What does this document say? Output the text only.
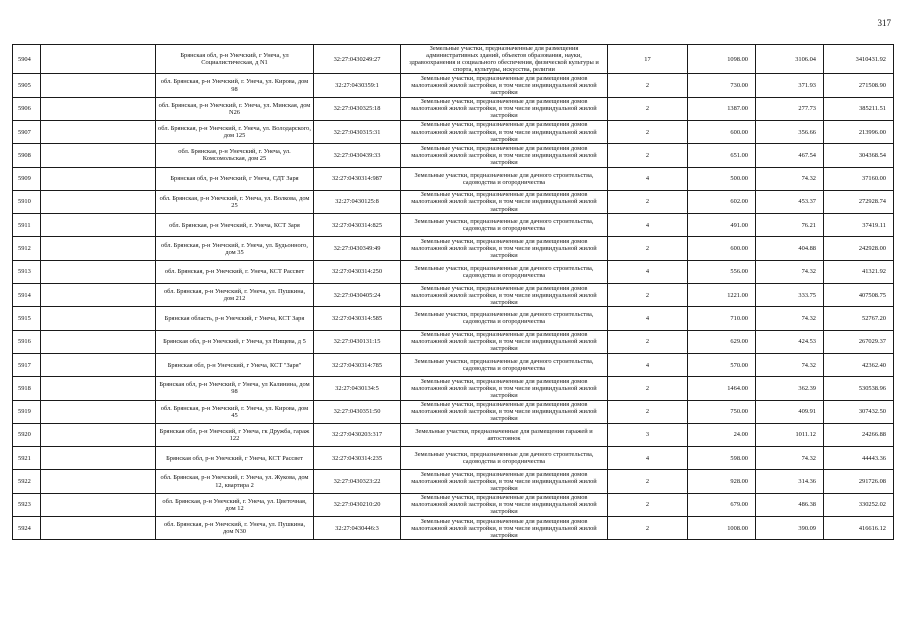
317
5904		Брянская обл, р-н Унечский, г Унеча, ул Социалистическая, д N1	32:27:0430249:27	Земельные участки, предназначенные для размещения административных зданий, объектов образования, науки, здравоохранения и социального обеспечения, физической культуры и спорта, культуры, искусства, религии	17	1098.00	3106.04	3410431.92
5905		обл. Брянская, р-н Унечский, г. Унеча, ул. Кирова, дом 98	32:27:0430359:1	Земельные участки, предназначенные для размещения домов малоэтажной жилой застройки, в том числе индивидуальной жилой застройки	2	730.00	371.93	271508.90
5906		обл. Брянская, р-н Унечский, г. Унеча, ул. Минская, дом N26	32:27:0430325:18	Земельные участки, предназначенные для размещения домов малоэтажной жилой застройки, в том числе индивидуальной жилой застройки	2	1387.00	277.73	385211.51
5907		обл. Брянская, р-н Унечский, г. Унеча, ул. Володарского, дом 125	32:27:0430315:31	Земельные участки, предназначенные для размещения домов малоэтажной жилой застройки, в том числе индивидуальной жилой застройки	2	600.00	356.66	213996.00
5908		обл. Брянская, р-н Унечский, г. Унеча, ул. Комсомольская, дом 25	32:27:0430439:33	Земельные участки, предназначенные для размещения домов малоэтажной жилой застройки, в том числе индивидуальной жилой застройки	2	651.00	467.54	304368.54
5909		Брянская обл, р-н Унечский, г Унеча, СДТ Заря	32:27:0430314:987	Земельные участки, предназначенные для дачного строительства, садоводства и огородничества	4	500.00	74.32	37160.00
5910		обл. Брянская, р-н Унечский, г. Унеча, ул. Волкова, дом 25	32:27:0430125:8	Земельные участки, предназначенные для размещения домов малоэтажной жилой застройки, в том числе индивидуальной жилой застройки	2	602.00	453.37	272928.74
5911		обл. Брянская, р-н Унечский, г. Унеча, КСТ Заря	32:27:0430314:825	Земельные участки, предназначенные для дачного строительства, садоводства и огородничества	4	491.00	76.21	37419.11
5912		обл. Брянская, р-н Унечский, г. Унеча, ул. Будьонного, дом 35	32:27:0430349:49	Земельные участки, предназначенные для размещения домов малоэтажной жилой застройки, в том числе индивидуальной жилой застройки	2	600.00	404.88	242928.00
5913		обл. Брянская, р-н Унечский, г. Унеча, КСТ Рассвет	32:27:0430314:250	Земельные участки, предназначенные для дачного строительства, садоводства и огородничества	4	556.00	74.32	41321.92
5914		обл. Брянская, р-н Унечский, г. Унеча, ул. Пушкина, дом 212	32:27:0430405:24	Земельные участки, предназначенные для размещения домов малоэтажной жилой застройки, в том числе индивидуальной жилой застройки	2	1221.00	333.75	407508.75
5915		Брянская область, р-н Унечский, г Унеча, КСТ Заря	32:27:0430314:585	Земельные участки, предназначенные для дачного строительства, садоводства и огородничества	4	710.00	74.32	52767.20
5916		Брянская обл, р-н Унечский, г Унеча, ул Нищева, д 5	32:27:0430131:15	Земельные участки, предназначенные для размещения домов малоэтажной жилой застройки, в том числе индивидуальной жилой застройки	2	629.00	424.53	267029.37
5917		Брянская обл, р-н Унечский, г Унеча, КСТ "Заря"	32:27:0430314:785	Земельные участки, предназначенные для дачного строительства, садоводства и огородничества	4	570.00	74.32	42362.40
5918		Брянская обл, р-н Унечский, г Унеча, ул Калинина, дом 98	32:27:0430134:5	Земельные участки, предназначенные для размещения домов малоэтажной жилой застройки, в том числе индивидуальной жилой застройки	2	1464.00	362.39	530538.96
5919		обл. Брянская, р-н Унечский, г. Унеча, ул. Кирова, дом 45	32:27:0430351:50	Земельные участки, предназначенные для размещения домов малоэтажной жилой застройки, в том числе индивидуальной жилой застройки	2	750.00	409.91	307432.50
5920		Брянская обл, р-н Унечский, г Унеча, гк Дружба, гараж 122	32:27:0430203:317	Земельные участки, предназначенные для размещения гаражей и автостоянок	3	24.00	1011.12	24266.88
5921		Брянская обл, р-н Унечский, г Унеча, КСТ Рассвет	32:27:0430314:235	Земельные участки, предназначенные для дачного строительства, садоводства и огородничества	4	598.00	74.32	44443.36
5922		обл. Брянская, р-н Унечский, г. Унеча, ул. Жукова, дом 12, квартира 2	32:27:0430323:22	Земельные участки, предназначенные для размещения домов малоэтажной жилой застройки, в том числе индивидуальной жилой застройки	2	928.00	314.36	291726.08
5923		обл. Брянская, р-н Унечский, г. Унеча, ул. Цветочная, дом 12	32:27:0430210:20	Земельные участки, предназначенные для размещения домов малоэтажной жилой застройки, в том числе индивидуальной жилой застройки	2	679.00	486.38	330252.02
5924		обл. Брянская, р-н Унечский, г. Унеча, ул. Пушкина, дом N30	32:27:0430446:3	Земельные участки, предназначенные для размещения домов малоэтажной жилой застройки, в том числе индивидуальной жилой застройки	2	1008.00	390.09	416616.12
